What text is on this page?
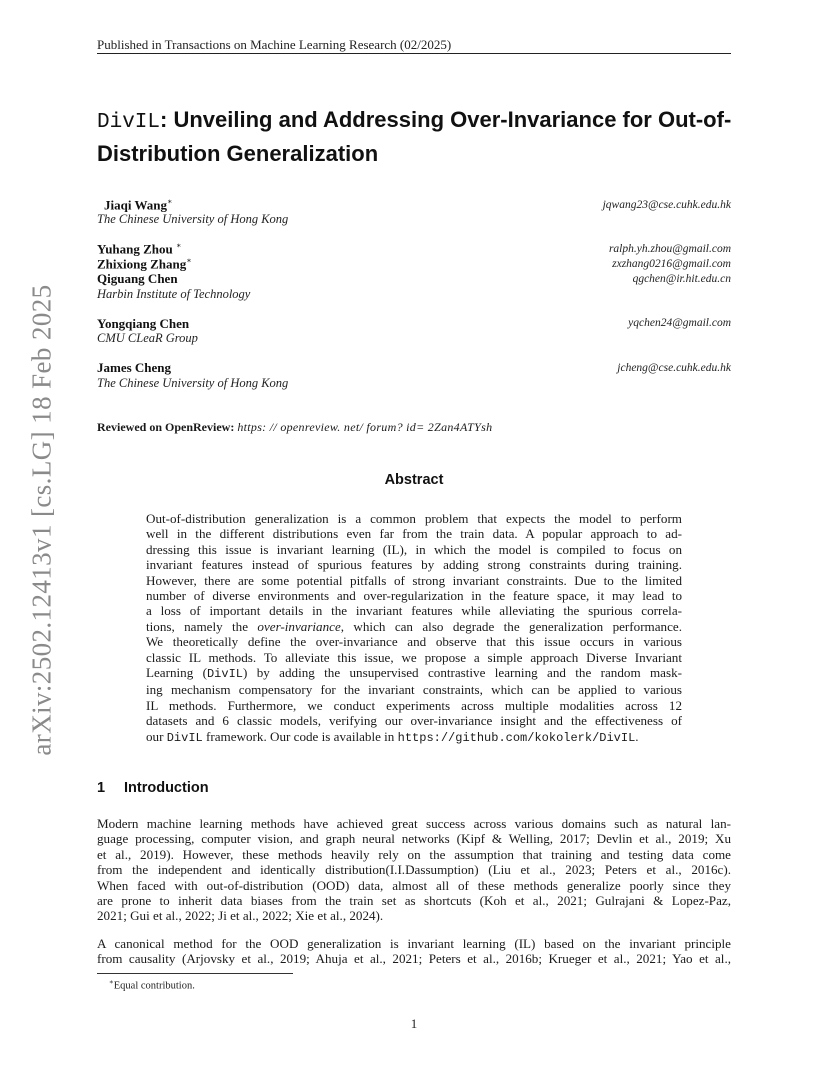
Published in Transactions on Machine Learning Research (02/2025)
arXiv:2502.12413v1 [cs.LG] 18 Feb 2025
DivIL: Unveiling and Addressing Over-Invariance for Out-of-
Distribution Generalization
Jiaqi Wang∗
The Chinese University of Hong Kong
jqwang23@cse.cuhk.edu.hk
Yuhang Zhou ∗	ralph.yh.zhou@gmail.com
Zhixiong Zhang∗	zxzhang0216@gmail.com
Qiguang Chen	qgchen@ir.hit.edu.cn
Harbin Institute of Technology
Yongqiang Chen	yqchen24@gmail.com
CMU CLeaR Group
James Cheng	jcheng@cse.cuhk.edu.hk
The Chinese University of Hong Kong
Reviewed on OpenReview: https: // openreview. net/ forum? id= 2Zan4ATYsh
Abstract
Out-of-distribution generalization is a common problem that expects the model to perform
well in the different distributions even far from the train data. A popular approach to ad-
dressing this issue is invariant learning (IL), in which the model is compiled to focus on
invariant features instead of spurious features by adding strong constraints during training.
However, there are some potential pitfalls of strong invariant constraints. Due to the limited
number of diverse environments and over-regularization in the feature space, it may lead to
a loss of important details in the invariant features while alleviating the spurious correla-
tions, namely the over-invariance, which can also degrade the generalization performance.
We theoretically define the over-invariance and observe that this issue occurs in various
classic IL methods. To alleviate this issue, we propose a simple approach Diverse Invariant
Learning (DivIL) by adding the unsupervised contrastive learning and the random mask-
ing mechanism compensatory for the invariant constraints, which can be applied to various
IL methods. Furthermore, we conduct experiments across multiple modalities across 12
datasets and 6 classic models, verifying our over-invariance insight and the effectiveness of
our DivIL framework. Our code is available in https://github.com/kokolerk/DivIL.
1 Introduction
Modern machine learning methods have achieved great success across various domains such as natural lan-
guage processing, computer vision, and graph neural networks (Kipf & Welling, 2017; Devlin et al., 2019; Xu
et al., 2019). However, these methods heavily rely on the assumption that training and testing data come
from the independent and identically distribution(I.I.Dassumption) (Liu et al., 2023; Peters et al., 2016c).
When faced with out-of-distribution (OOD) data, almost all of these methods generalize poorly since they
are prone to inherit data biases from the train set as shortcuts (Koh et al., 2021; Gulrajani & Lopez-Paz,
2021; Gui et al., 2022; Ji et al., 2022; Xie et al., 2024).
A canonical method for the OOD generalization is invariant learning (IL) based on the invariant principle
from causality (Arjovsky et al., 2019; Ahuja et al., 2021; Peters et al., 2016b; Krueger et al., 2021; Yao et al.,
∗Equal contribution.
1
